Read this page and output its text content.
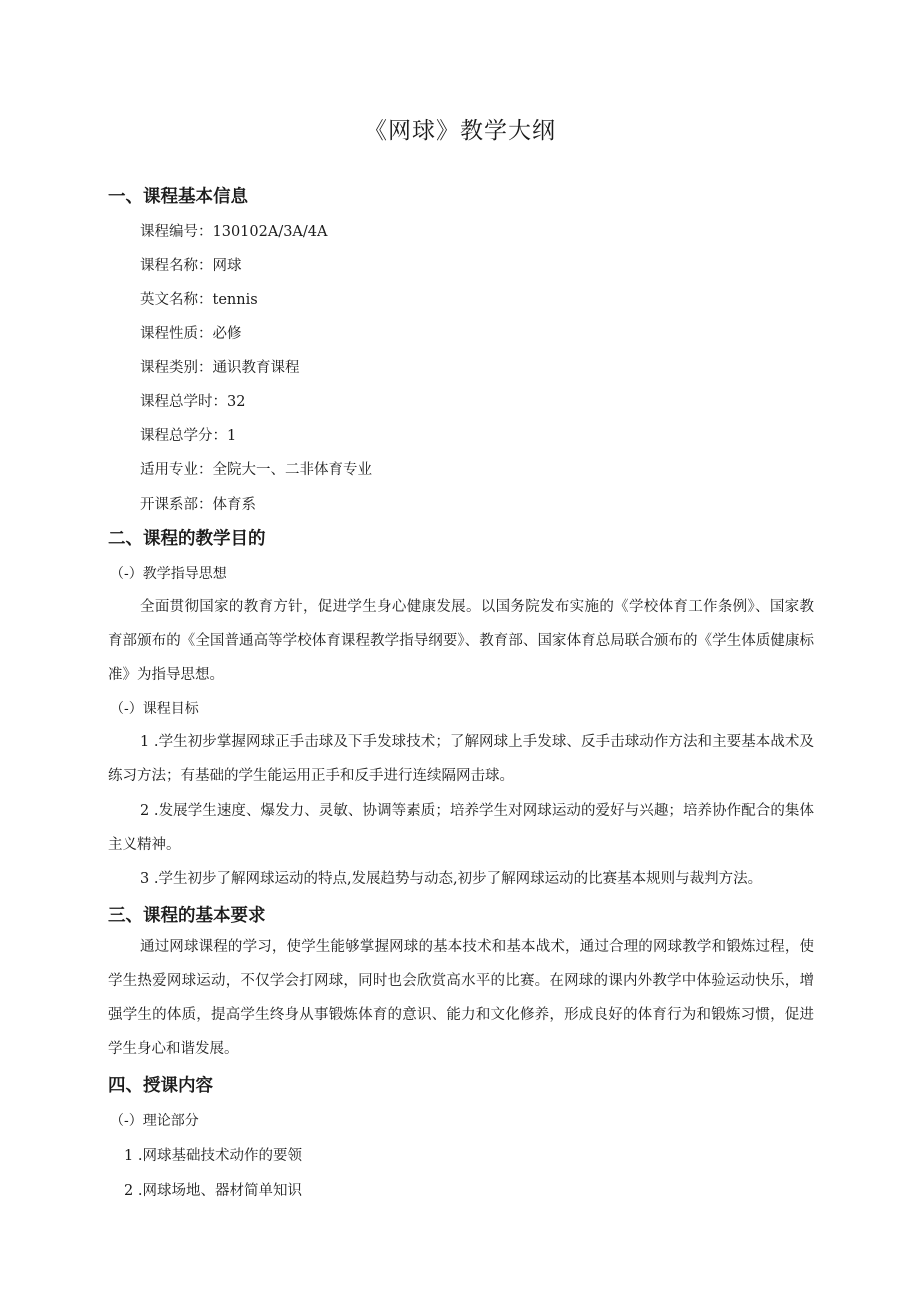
《网球》教学大纲
一、课程基本信息

课程编号：130102A/3A/4A

课程名称：网球

英文名称：tennis

课程性质：必修

课程类别：通识教育课程

课程总学时：32

课程总学分：1

适用专业：全院大一、二非体育专业

开课系部：体育系

二、课程的教学目的

（-）教学指导思想

全面贯彻国家的教育方针，促进学生身心健康发展。以国务院发布实施的《学校体育工作条例》、国家教育部颁布的《全国普通高等学校体育课程教学指导纲要》、教育部、国家体育总局联合颁布的《学生体质健康标准》为指导思想。

（-）课程目标

1 .学生初步掌握网球正手击球及下手发球技术；了解网球上手发球、反手击球动作方法和主要基本战术及练习方法；有基础的学生能运用正手和反手进行连续隔网击球。

2 .发展学生速度、爆发力、灵敏、协调等素质；培养学生对网球运动的爱好与兴趣；培养协作配合的集体主义精神。

3 .学生初步了解网球运动的特点,发展趋势与动态,初步了解网球运动的比赛基本规则与裁判方法。

三、课程的基本要求

通过网球课程的学习，使学生能够掌握网球的基本技术和基本战术，通过合理的网球教学和锻炼过程，使学生热爱网球运动，不仅学会打网球，同时也会欣赏高水平的比赛。在网球的课内外教学中体验运动快乐，增强学生的体质，提高学生终身从事锻炼体育的意识、能力和文化修养，形成良好的体育行为和锻炼习惯，促进学生身心和谐发展。

四、授课内容

（-）理论部分

1 .网球基础技术动作的要领

2 .网球场地、器材简单知识
